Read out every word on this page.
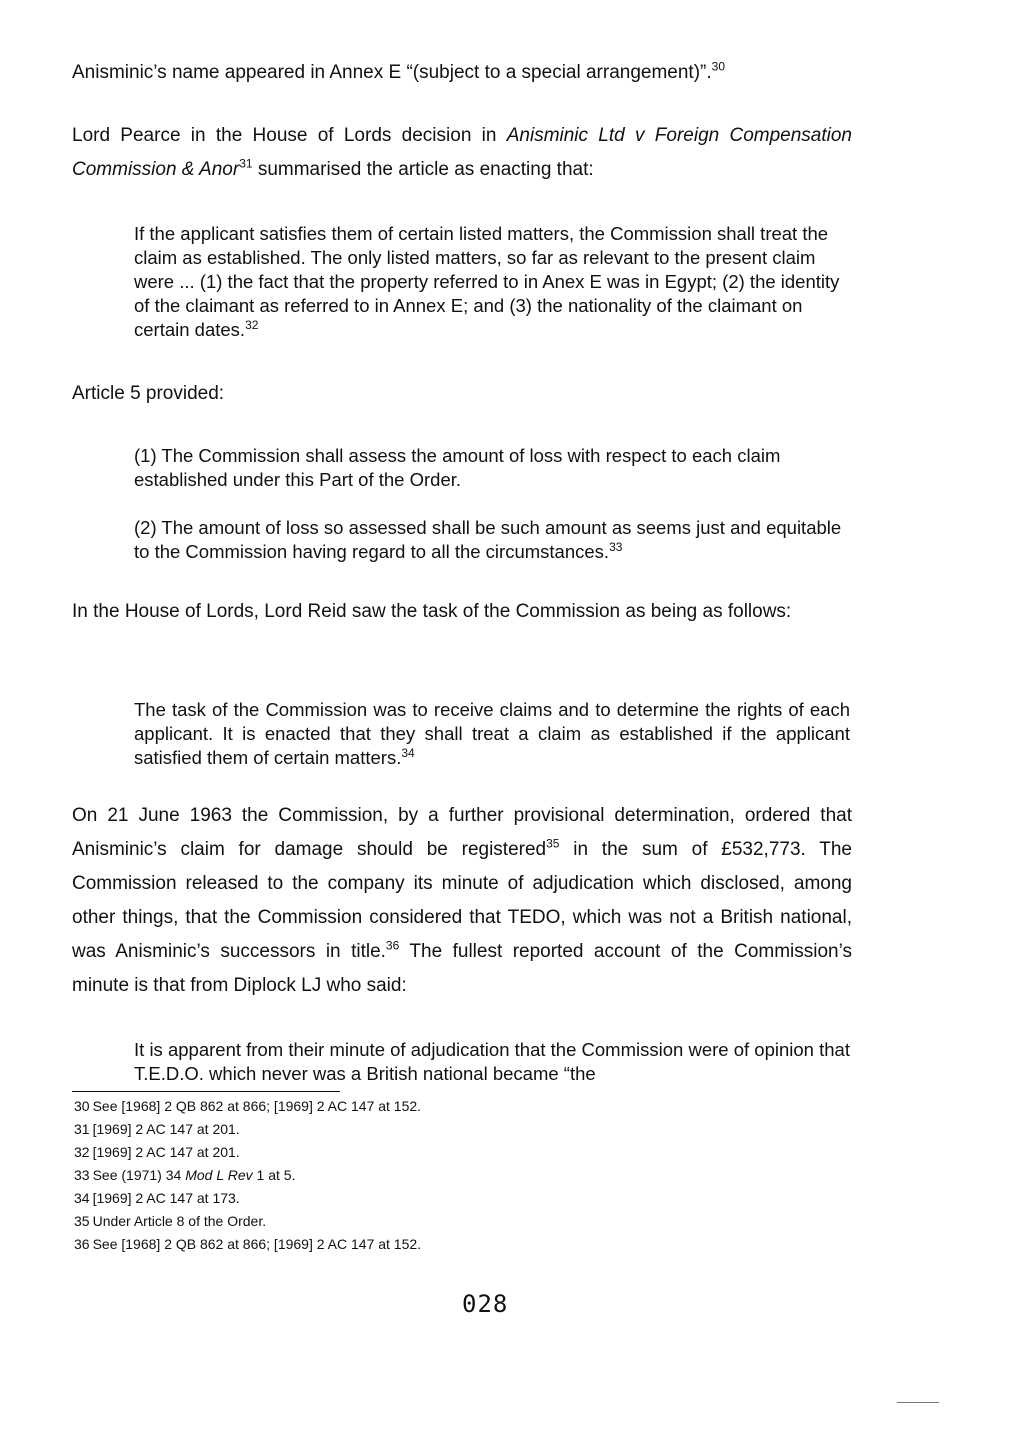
Anisminic’s name appeared in Annex E “(subject to a special arrangement)”.$^{30}$

Lord Pearce in the House of Lords decision in Anisminic Ltd v Foreign Compensation Commission & Anor$^{31}$ summarised the article as enacting that:

If the applicant satisfies them of certain listed matters, the Commission shall treat the claim as established. The only listed matters, so far as relevant to the present claim were ... (1) the fact that the property referred to in Anex E was in Egypt; (2) the identity of the claimant as referred to in Annex E; and (3) the nationality of the claimant on certain dates.$^{32}$

Article 5 provided:

(1) The Commission shall assess the amount of loss with respect to each claim established under this Part of the Order.

(2) The amount of loss so assessed shall be such amount as seems just and equitable to the Commission having regard to all the circumstances.$^{33}$

In the House of Lords, Lord Reid saw the task of the Commission as being as follows:

The task of the Commission was to receive claims and to determine the rights of each applicant. It is enacted that they shall treat a claim as established if the applicant satisfied them of certain matters.$^{34}$

On 21 June 1963 the Commission, by a further provisional determination, ordered that Anisminic’s claim for damage should be registered$^{35}$ in the sum of £532,773. The Commission released to the company its minute of adjudication which disclosed, among other things, that the Commission considered that TEDO, which was not a British national, was Anisminic’s successors in title.$^{36}$ The fullest reported account of the Commission’s minute is that from Diplock LJ who said:

It is apparent from their minute of adjudication that the Commission were of opinion that T.E.D.O. which never was a British national became “the

30 See [1968] 2 QB 862 at 866; [1969] 2 AC 147 at 152.
31 [1969] 2 AC 147 at 201.
32 [1969] 2 AC 147 at 201.
33 See (1971) 34 Mod L Rev 1 at 5.
34 [1969] 2 AC 147 at 173.
35 Under Article 8 of the Order.
36 See [1968] 2 QB 862 at 866; [1969] 2 AC 147 at 152.
028
